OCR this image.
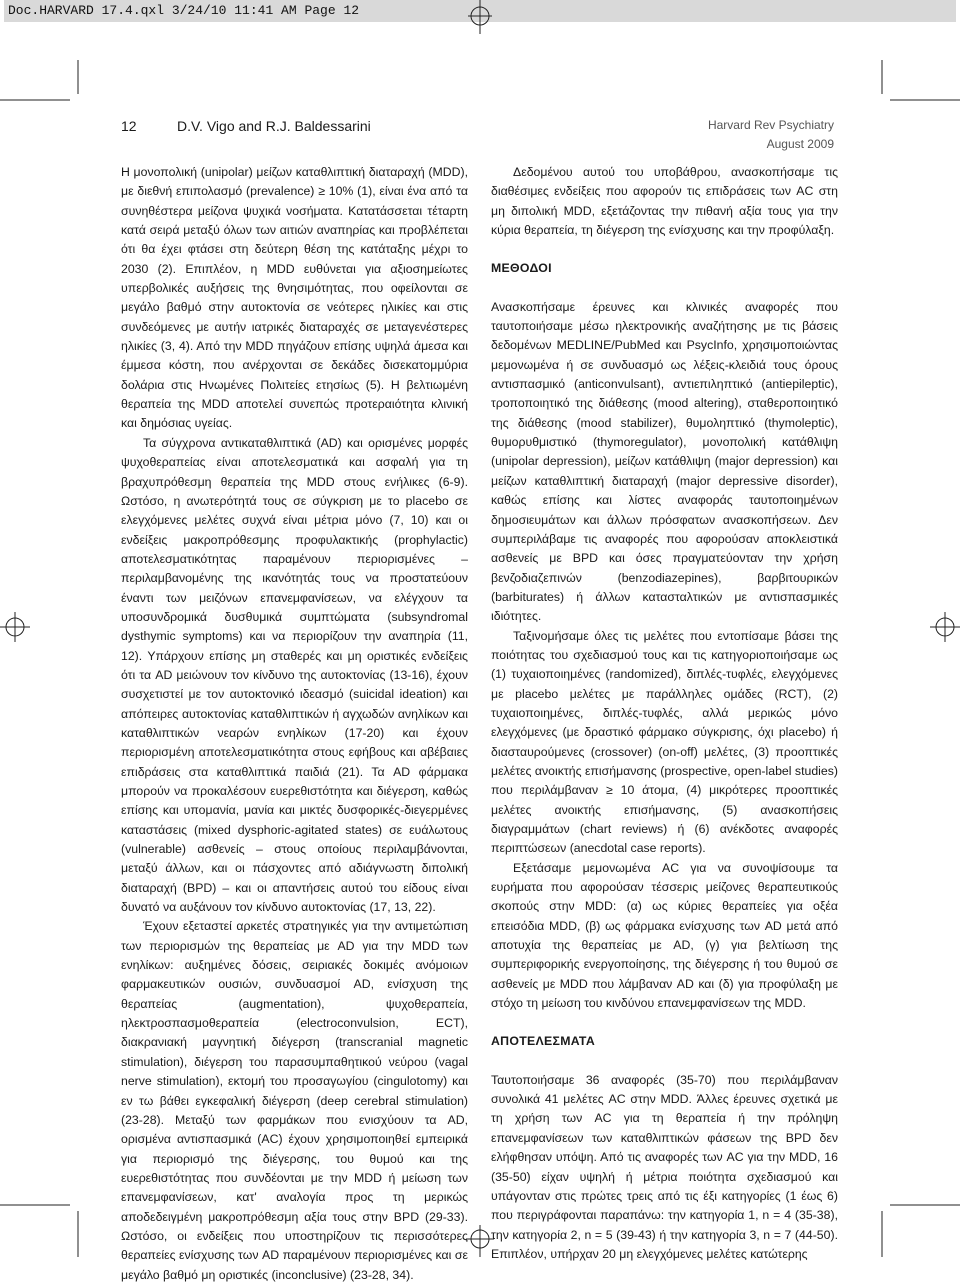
Doc.HARVARD 17.4.qxl 3/24/10 11:41 AM Page 12
12	D.V. Vigo and R.J. Baldessarini	Harvard Rev Psychiatry
August 2009

Η μονοπολική (unipolar) μείζων καταθλιπτική διαταραχή (MDD), με διεθνή επιπολασμό (prevalence) ≥ 10% (1), είναι ένα από τα συνηθέστερα μείζονα ψυχικά νοσήματα. Κατατάσσεται τέταρτη κατά σειρά μεταξύ όλων των αιτιών αναπηρίας και προβλέπεται ότι θα έχει φτάσει στη δεύτερη θέση της κατάταξης μέχρι το 2030 (2). Επιπλέον, η MDD ευθύνεται για αξιοσημείωτες υπερβολικές αυξήσεις της θνησιμότητας, που οφείλονται σε μεγάλο βαθμό στην αυτοκτονία σε νεότερες ηλικίες και στις συνδεόμενες με αυτήν ιατρικές διαταραχές σε μεταγενέστερες ηλικίες (3, 4). Από την MDD πηγάζουν επίσης υψηλά άμεσα και έμμεσα κόστη, που ανέρχονται σε δεκάδες δισεκατομμύρια δολάρια στις Ηνωμένες Πολιτείες ετησίως (5). Η βελτιωμένη θεραπεία της MDD αποτελεί συνεπώς προτεραιότητα κλινική και δημόσιας υγείας.

Τα σύγχρονα αντικαταθλιπτικά (AD) και ορισμένες μορφές ψυχοθεραπείας είναι αποτελεσματικά και ασφαλή για τη βραχυπρόθεσμη θεραπεία της MDD στους ενήλικες (6-9). Ωστόσο, η ανωτερότητά τους σε σύγκριση με το placebo σε ελεγχόμενες μελέτες συχνά είναι μέτρια μόνο (7, 10) και οι ενδείξεις μακροπρόθεσμης προφυλακτικής (prophylactic) αποτελεσματικότητας παραμένουν περιορισμένες – περιλαμβανομένης της ικανότητάς τους να προστατεύουν έναντι των μειζόνων επανεμφανίσεων, να ελέγχουν τα υποσυνδρομικά δυσθυμικά συμπτώματα (subsyndromal dysthymic symptoms) και να περιορίζουν την αναπηρία (11, 12). Υπάρχουν επίσης μη σταθερές και μη οριστικές ενδείξεις ότι τα AD μειώνουν τον κίνδυνο της αυτοκτονίας (13-16), έχουν συσχετιστεί με τον αυτοκτονικό ιδεασμό (suicidal ideation) και απόπειρες αυτοκτονίας καταθλιπτικών ή αγχωδών ανηλίκων και καταθλιπτικών νεαρών ενηλίκων (17-20) και έχουν περιορισμένη αποτελεσματικότητα στους εφήβους και αβέβαιες επιδράσεις στα καταθλιπτικά παιδιά (21). Τα AD φάρμακα μπορούν να προκαλέσουν ευερεθιστότητα και διέγερση, καθώς επίσης και υπομανία, μανία και μικτές δυσφορικές-διεγερμένες καταστάσεις (mixed dysphoric-agitated states) σε ευάλωτους (vulnerable) ασθενείς – στους οποίους περιλαμβάνονται, μεταξύ άλλων, και οι πάσχοντες από αδιάγνωστη διπολική διαταραχή (BPD) – και οι απαντήσεις αυτού του είδους είναι δυνατό να αυξάνουν τον κίνδυνο αυτοκτονίας (17, 13, 22).

Έχουν εξεταστεί αρκετές στρατηγικές για την αντιμετώπιση των περιορισμών της θεραπείας με AD για την MDD των ενηλίκων: αυξημένες δόσεις, σειριακές δοκιμές ανόμοιων φαρμακευτικών ουσιών, συνδυασμοί AD, ενίσχυση της θεραπείας (augmentation), ψυχοθεραπεία, ηλεκτροσπασμοθεραπεία (electroconvulsion, ECT), διακρανιακή μαγνητική διέγερση (transcranial magnetic stimulation), διέγερση του παρασυμπαθητικού νεύρου (vagal nerve stimulation), εκτομή του προσαγωγίου (cingulotomy) και εν τω βάθει εγκεφαλική διέγερση (deep cerebral stimulation) (23-28). Μεταξύ των φαρμάκων που ενισχύουν τα AD, ορισμένα αντισπασμικά (AC) έχουν χρησιμοποιηθεί εμπειρικά για περιορισμό της διέγερσης, του θυμού και της ευερεθιστότητας που συνδέονται με την MDD ή μείωση των επανεμφανίσεων, κατ' αναλογία προς τη μερικώς αποδεδειγμένη μακροπρόθεσμη αξία τους στην BPD (29-33). Ωστόσο, οι ενδείξεις που υποστηρίζουν τις περισσότερες θεραπείες ενίσχυσης των AD παραμένουν περιορισμένες και σε μεγάλο βαθμό μη οριστικές (inconclusive) (23-28, 34).

Δεδομένου αυτού του υποβάθρου, ανασκοπήσαμε τις διαθέσιμες ενδείξεις που αφορούν τις επιδράσεις των AC στη μη διπολική MDD, εξετάζοντας την πιθανή αξία τους για την κύρια θεραπεία, τη διέγερση της ενίσχυσης και την προφύλαξη.

ΜΕΘΟΔΟΙ

Ανασκοπήσαμε έρευνες και κλινικές αναφορές που ταυτοποιήσαμε μέσω ηλεκτρονικής αναζήτησης με τις βάσεις δεδομένων MEDLINE/PubMed και PsycInfo, χρησιμοποιώντας μεμονωμένα ή σε συνδυασμό ως λέξεις-κλειδιά τους όρους αντισπασμικό (anticonvulsant), αντιεπιληπτικό (antiepileptic), τροποποιητικό της διάθεσης (mood altering), σταθεροποιητικό της διάθεσης (mood stabilizer), θυμοληπτικό (thymoleptic), θυμορυθμιστικό (thymoregulator), μονοπολική κατάθλιψη (unipolar depression), μείζων κατάθλιψη (major depression) και μείζων καταθλιπτική διαταραχή (major depressive disorder), καθώς επίσης και λίστες αναφοράς ταυτοποιημένων δημοσιευμάτων και άλλων πρόσφατων ανασκοπήσεων. Δεν συμπεριλάβαμε τις αναφορές που αφορούσαν αποκλειστικά ασθενείς με BPD και όσες πραγματεύονταν την χρήση βενζοδιαζεπινών (benzodiazepines), βαρβιτουρικών (barbiturates) ή άλλων κατασταλτικών με αντισπασμικές ιδιότητες.

Ταξινομήσαμε όλες τις μελέτες που εντοπίσαμε βάσει της ποιότητας του σχεδιασμού τους και τις κατηγοριοποιήσαμε ως (1) τυχαιοποιημένες (randomized), διπλές-τυφλές, ελεγχόμενες με placebo μελέτες με παράλληλες ομάδες (RCT), (2) τυχαιοποιημένες, διπλές-τυφλές, αλλά μερικώς μόνο ελεγχόμενες (με δραστικό φάρμακο σύγκρισης, όχι placebo) ή διασταυρούμενες (crossover) (on-off) μελέτες, (3) προοπτικές μελέτες ανοικτής επισήμανσης (prospective, open-label studies) που περιλάμβαναν ≥ 10 άτομα, (4) μικρότερες προοπτικές μελέτες ανοικτής επισήμανσης, (5) ανασκοπήσεις διαγραμμάτων (chart reviews) ή (6) ανέκδοτες αναφορές περιπτώσεων (anecdotal case reports).

Εξετάσαμε μεμονωμένα AC για να συνοψίσουμε τα ευρήματα που αφορούσαν τέσσερις μείζονες θεραπευτικούς σκοπούς στην MDD: (α) ως κύριες θεραπείες για οξέα επεισόδια MDD, (β) ως φάρμακα ενίσχυσης των AD μετά από αποτυχία της θεραπείας με AD, (γ) για βελτίωση της συμπεριφορικής ενεργοποίησης, της διέγερσης ή του θυμού σε ασθενείς με MDD που λάμβαναν AD και (δ) για προφύλαξη με στόχο τη μείωση του κινδύνου επανεμφανίσεων της MDD.

ΑΠΟΤΕΛΕΣΜΑΤΑ

Ταυτοποιήσαμε 36 αναφορές (35-70) που περιλάμβαναν συνολικά 41 μελέτες AC στην MDD. Άλλες έρευνες σχετικά με τη χρήση των AC για τη θεραπεία ή την πρόληψη επανεμφανίσεων των καταθλιπτικών φάσεων της BPD δεν ελήφθησαν υπόψη. Από τις αναφορές των AC για την MDD, 16 (35-50) είχαν υψηλή ή μέτρια ποιότητα σχεδιασμού και υπάγονταν στις πρώτες τρεις από τις έξι κατηγορίες (1 έως 6) που περιγράφονται παραπάνω: την κατηγορία 1, n = 4 (35-38), την κατηγορία 2, n = 5 (39-43) ή την κατηγορία 3, n = 7 (44-50). Επιπλέον, υπήρχαν 20 μη ελεγχόμενες μελέτες κατώτερης
